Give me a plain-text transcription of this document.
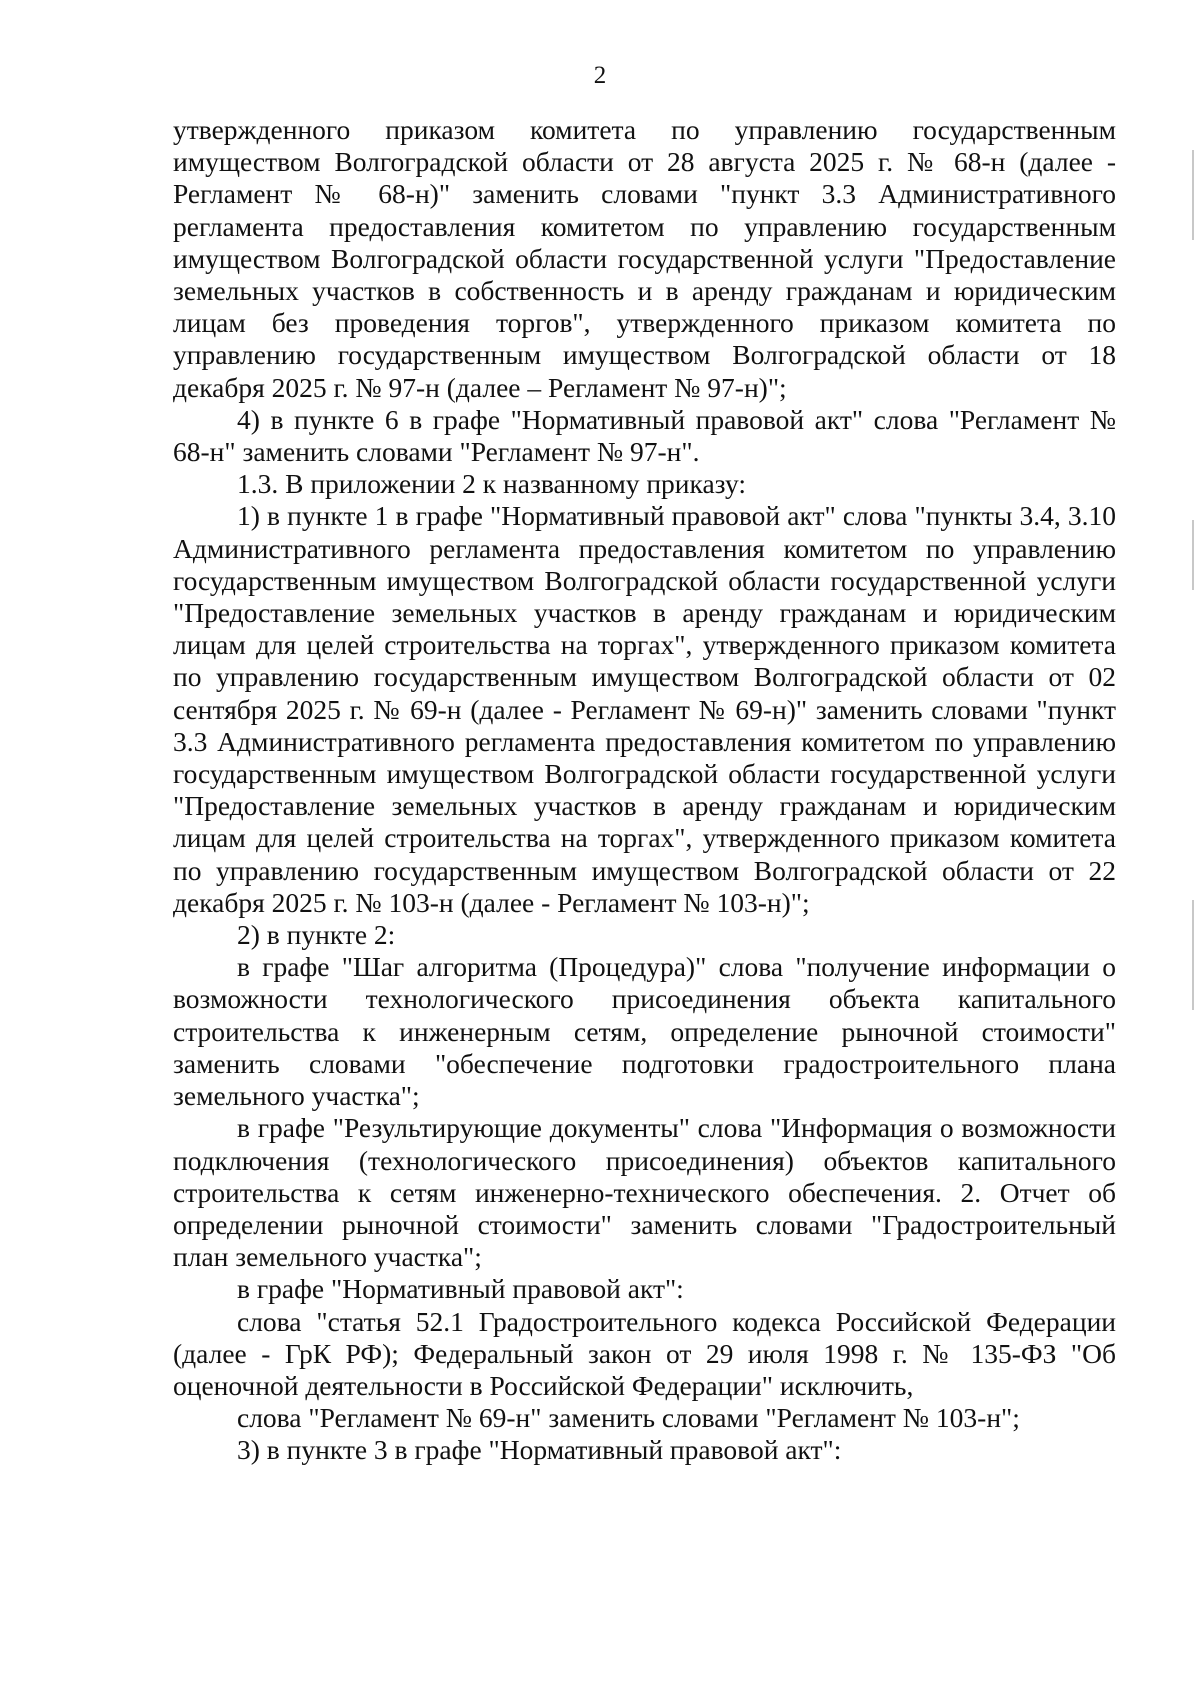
2

утвержденного приказом комитета по управлению государственным имуществом Волгоградской области от 28 августа 2025 г. № 68-н (далее - Регламент № 68-н)" заменить словами "пункт 3.3 Административного регламента предоставления комитетом по управлению государственным имуществом Волгоградской области государственной услуги "Предоставление земельных участков в собственность и в аренду гражданам и юридическим лицам без проведения торгов", утвержденного приказом комитета по управлению государственным имуществом Волгоградской области от 18 декабря 2025 г. № 97-н (далее – Регламент № 97-н)";

4) в пункте 6 в графе "Нормативный правовой акт" слова "Регламент № 68-н" заменить словами "Регламент № 97-н".

1.3. В приложении 2 к названному приказу:

1) в пункте 1 в графе "Нормативный правовой акт" слова "пункты 3.4, 3.10 Административного регламента предоставления комитетом по управлению государственным имуществом Волгоградской области государственной услуги "Предоставление земельных участков в аренду гражданам и юридическим лицам для целей строительства на торгах", утвержденного приказом комитета по управлению государственным имуществом Волгоградской области от 02 сентября 2025 г. № 69-н (далее - Регламент № 69-н)" заменить словами "пункт 3.3 Административного регламента предоставления комитетом по управлению государственным имуществом Волгоградской области государственной услуги "Предоставление земельных участков в аренду гражданам и юридическим лицам для целей строительства на торгах", утвержденного приказом комитета по управлению государственным имуществом Волгоградской области от 22 декабря 2025 г. № 103-н (далее - Регламент № 103-н)";

2) в пункте 2:

в графе "Шаг алгоритма (Процедура)" слова "получение информации о возможности технологического присоединения объекта капитального строительства к инженерным сетям, определение рыночной стоимости" заменить словами "обеспечение подготовки градостроительного плана земельного участка";

в графе "Результирующие документы" слова "Информация о возможности подключения (технологического присоединения) объектов капитального строительства к сетям инженерно-технического обеспечения. 2. Отчет об определении рыночной стоимости" заменить словами "Градостроительный план земельного участка";

в графе "Нормативный правовой акт":

слова "статья 52.1 Градостроительного кодекса Российской Федерации (далее - ГрК РФ); Федеральный закон от 29 июля 1998 г. № 135-ФЗ "Об оценочной деятельности в Российской Федерации" исключить,

слова "Регламент № 69-н" заменить словами "Регламент № 103-н";

3) в пункте 3 в графе "Нормативный правовой акт":
